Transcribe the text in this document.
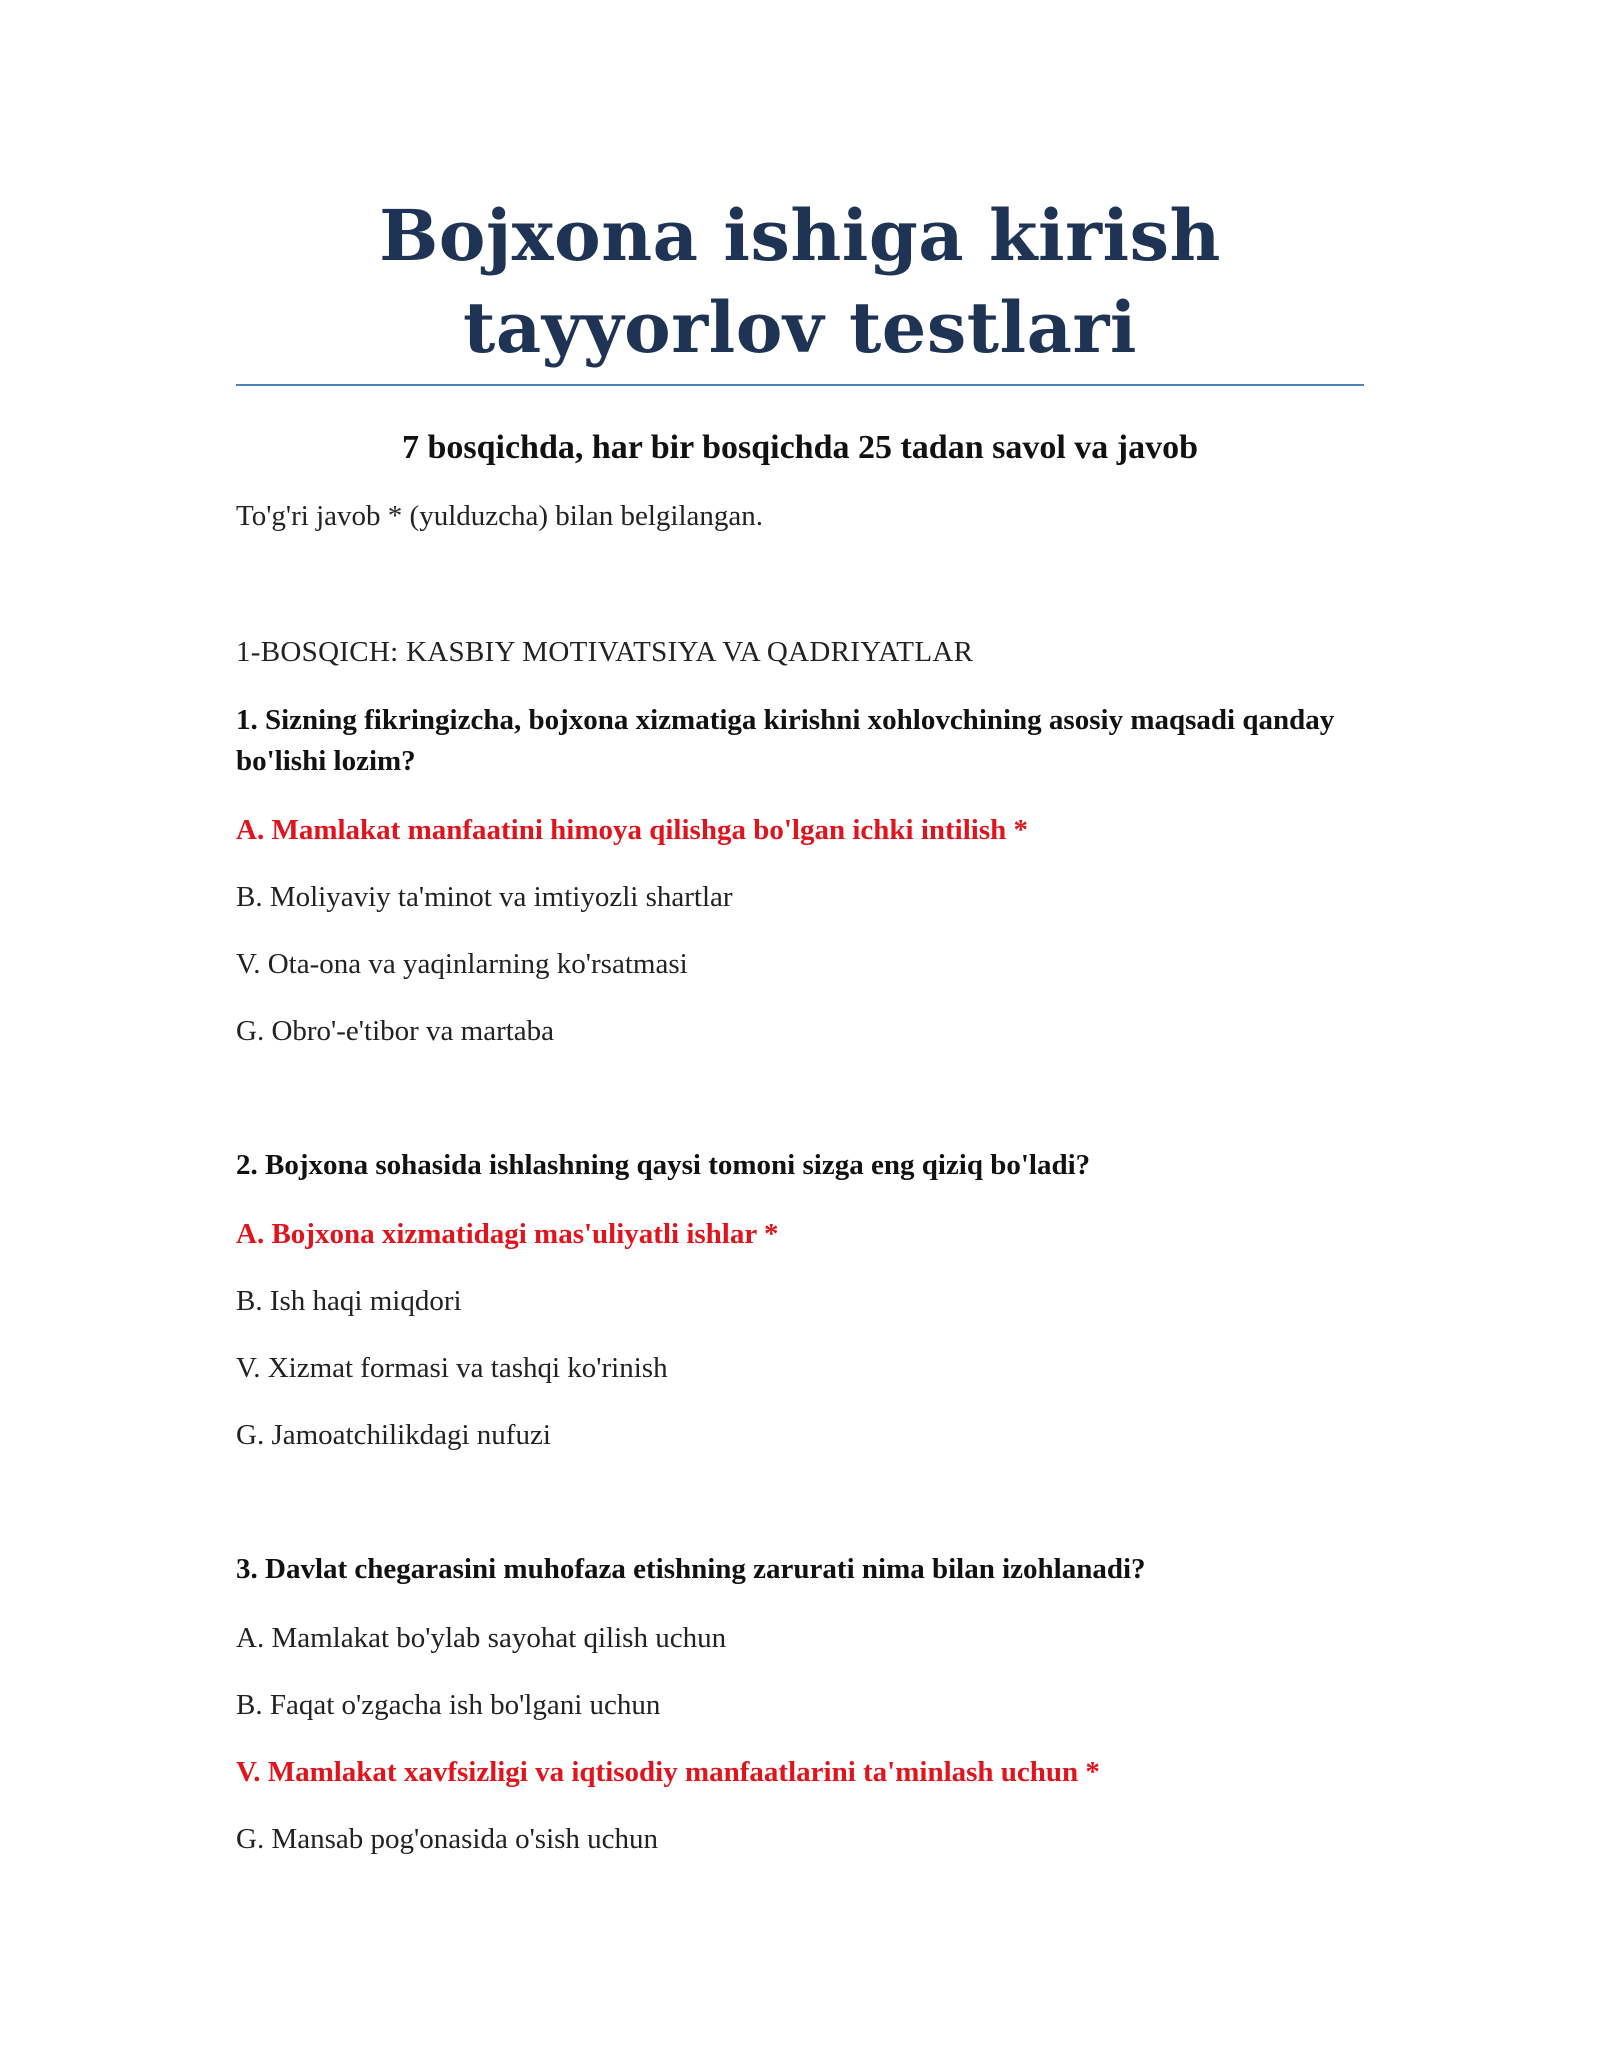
Bojxona ishiga kirish tayyorlov testlari
7 bosqichda, har bir bosqichda 25 tadan savol va javob
To'g'ri javob * (yulduzcha) bilan belgilangan.
1-BOSQICH: KASBIY MOTIVATSIYA VA QADRIYATLAR
1. Sizning fikringizcha, bojxona xizmatiga kirishni xohlovchining asosiy maqsadi qanday bo'lishi lozim?
A. Mamlakat manfaatini himoya qilishga bo'lgan ichki intilish *
B. Moliyaviy ta'minot va imtiyozli shartlar
V. Ota-ona va yaqinlarning ko'rsatmasi
G. Obro'-e'tibor va martaba
2. Bojxona sohasida ishlashning qaysi tomoni sizga eng qiziq bo'ladi?
A. Bojxona xizmatidagi mas'uliyatli ishlar *
B. Ish haqi miqdori
V. Xizmat formasi va tashqi ko'rinish
G. Jamoatchilikdagi nufuzi
3. Davlat chegarasini muhofaza etishning zarurati nima bilan izohlanadi?
A. Mamlakat bo'ylab sayohat qilish uchun
B. Faqat o'zgacha ish bo'lgani uchun
V. Mamlakat xavfsizligi va iqtisodiy manfaatlarini ta'minlash uchun *
G. Mansab pog'onasida o'sish uchun
